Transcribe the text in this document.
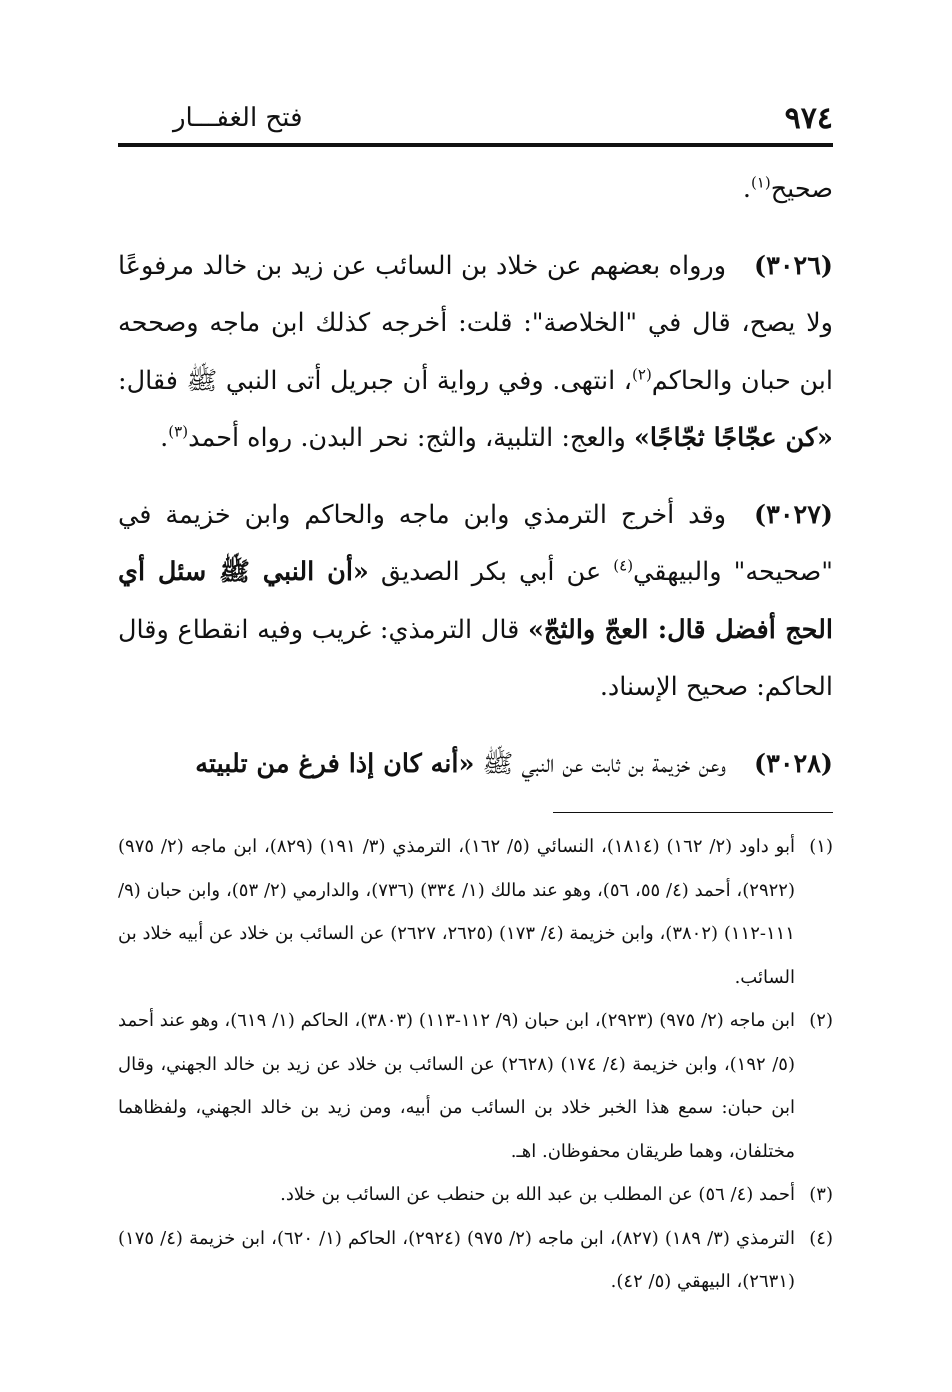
٩٧٤
فتح الغفـــار

صحيح$^{(١)}$.

(٣٠٢٦)ورواه بعضهم عن خلاد بن السائب عن زيد بن خالد مرفوعًا ولا يصح، قال في "الخلاصة": قلت: أخرجه كذلك ابن ماجه وصححه ابن حبان والحاكم$^{(٢)}$، انتهى. وفي رواية أن جبريل أتى النبي ﷺ فقال: «كن عجّاجًا ثجّاجًا» والعج: التلبية، والثج: نحر البدن. رواه أحمد$^{(٣)}$.

(٣٠٢٧)وقد أخرج الترمذي وابن ماجه والحاكم وابن خزيمة في "صحيحه" والبيهقي$^{(٤)}$ عن أبي بكر الصديق «أن النبي ﷺ سئل أي الحج أفضل قال: العجّ والثجّ» قال الترمذي: غريب وفيه انقطاع وقال الحاكم: صحيح الإسناد.

(٣٠٢٨)وعن خزيمة بن ثابت عن النبي ﷺ «أنه كان إذا فرغ من تلبيته

(١)أبو داود (٢/ ١٦٢) (١٨١٤)، النسائي (٥/ ١٦٢)، الترمذي (٣/ ١٩١) (٨٢٩)، ابن ماجه (٢/ ٩٧٥) (٢٩٢٢)، أحمد (٤/ ٥٥، ٥٦)، وهو عند مالك (١/ ٣٣٤) (٧٣٦)، والدارمي (٢/ ٥٣)، وابن حبان (٩/ ١١١-١١٢) (٣٨٠٢)، وابن خزيمة (٤/ ١٧٣) (٢٦٢٥، ٢٦٢٧) عن السائب بن خلاد عن أبيه خلاد بن السائب.

(٢)ابن ماجه (٢/ ٩٧٥) (٢٩٢٣)، ابن حبان (٩/ ١١٢-١١٣) (٣٨٠٣)، الحاكم (١/ ٦١٩)، وهو عند أحمد (٥/ ١٩٢)، وابن خزيمة (٤/ ١٧٤) (٢٦٢٨) عن السائب بن خلاد عن زيد بن خالد الجهني، وقال ابن حبان: سمع هذا الخبر خلاد بن السائب من أبيه، ومن زيد بن خالد الجهني، ولفظاهما مختلفان، وهما طريقان محفوظان. اهـ.

(٣)أحمد (٤/ ٥٦) عن المطلب بن عبد الله بن حنطب عن السائب بن خلاد.

(٤)الترمذي (٣/ ١٨٩) (٨٢٧)، ابن ماجه (٢/ ٩٧٥) (٢٩٢٤)، الحاكم (١/ ٦٢٠)، ابن خزيمة (٤/ ١٧٥) (٢٦٣١)، البيهقي (٥/ ٤٢).
